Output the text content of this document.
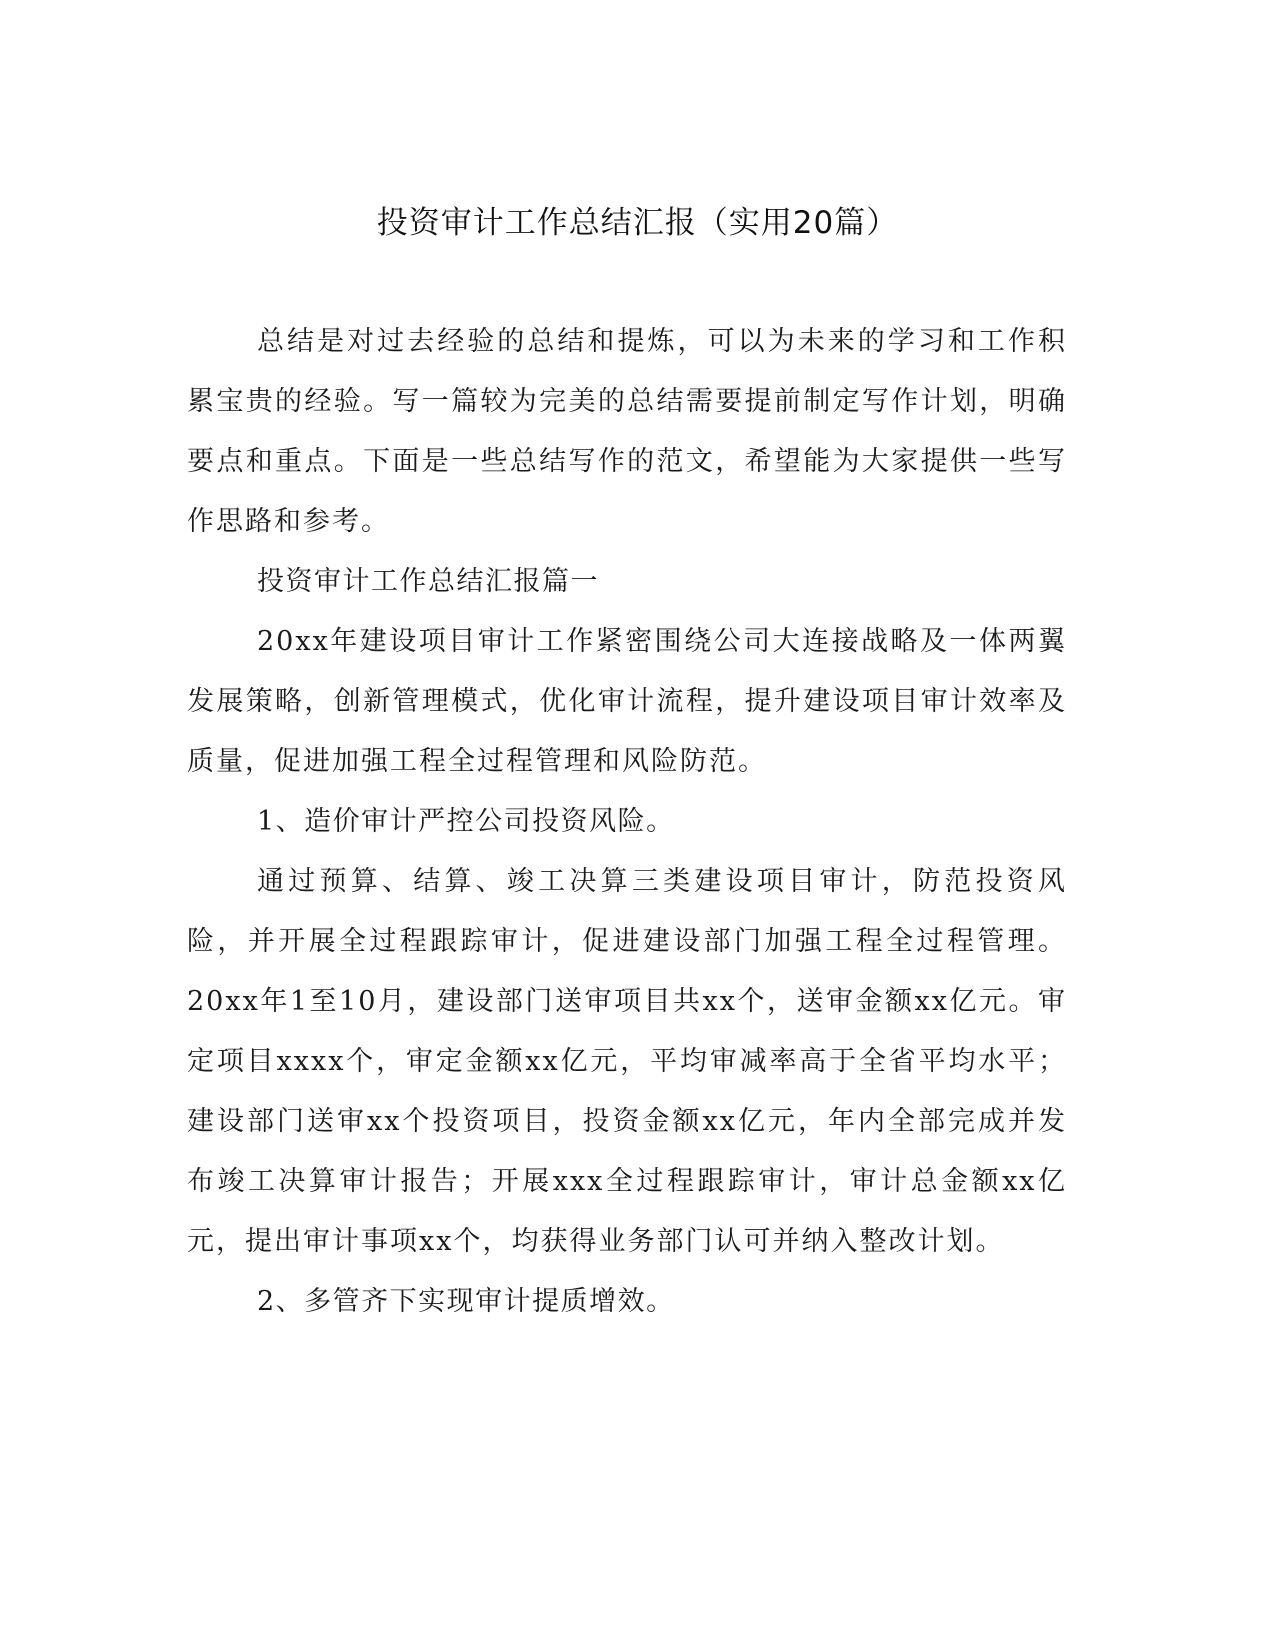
投资审计工作总结汇报（实用20篇）

总结是对过去经验的总结和提炼，可以为未来的学习和工作积累宝贵的经验。写一篇较为完美的总结需要提前制定写作计划，明确要点和重点。下面是一些总结写作的范文，希望能为大家提供一些写作思路和参考。

投资审计工作总结汇报篇一

20xx年建设项目审计工作紧密围绕公司大连接战略及一体两翼发展策略，创新管理模式，优化审计流程，提升建设项目审计效率及质量，促进加强工程全过程管理和风险防范。

1、造价审计严控公司投资风险。

通过预算、结算、竣工决算三类建设项目审计，防范投资风险，并开展全过程跟踪审计，促进建设部门加强工程全过程管理。20xx年1至10月，建设部门送审项目共xx个，送审金额xx亿元。审定项目xxxx个，审定金额xx亿元，平均审减率高于全省平均水平；建设部门送审xx个投资项目，投资金额xx亿元，年内全部完成并发布竣工决算审计报告；开展xxx全过程跟踪审计，审计总金额xx亿元，提出审计事项xx个，均获得业务部门认可并纳入整改计划。

2、多管齐下实现审计提质增效。
